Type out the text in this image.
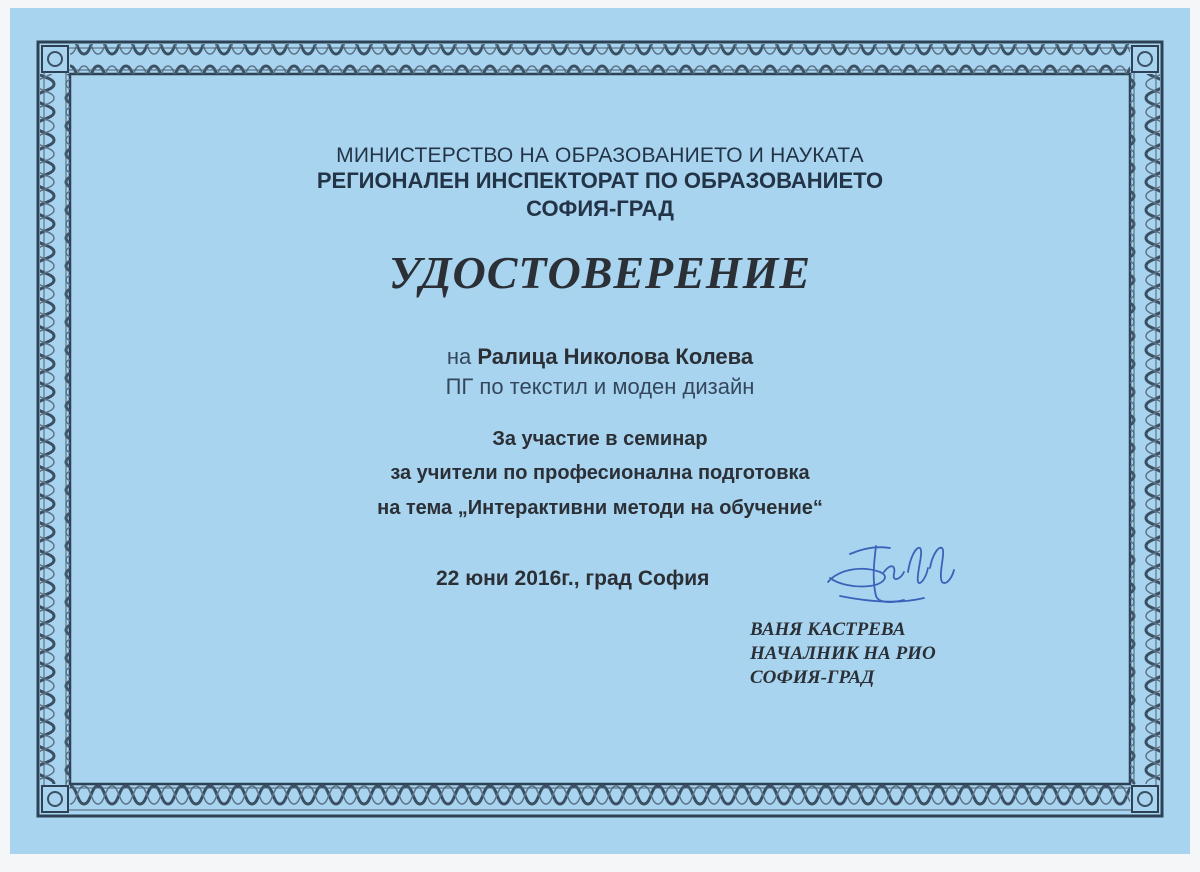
МИНИСТЕРСТВО НА ОБРАЗОВАНИЕТО И НАУКАТА
РЕГИОНАЛЕН ИНСПЕКТОРАТ ПО ОБРАЗОВАНИЕТО
СОФИЯ-ГРАД
УДОСТОВЕРЕНИЕ
на Ралица Николова Колева
ПГ по текстил и моден дизайн
За участие в семинар
за учители по професионална подготовка
на тема „Интерактивни методи на обучение“
22 юни 2016г., град София
ВАНЯ КАСТРЕВА
НАЧАЛНИК НА РИО
СОФИЯ-ГРАД
